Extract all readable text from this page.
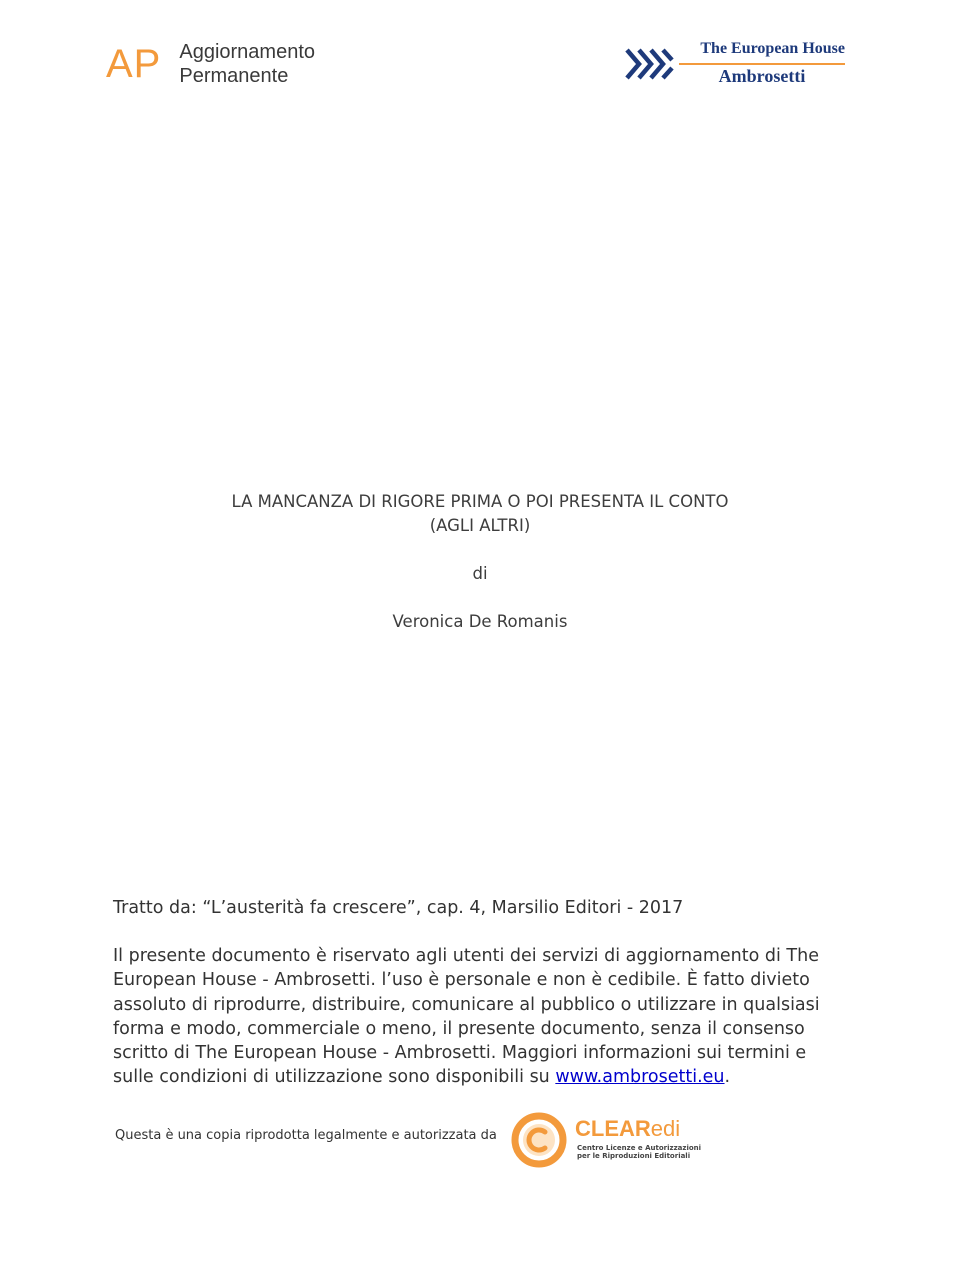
AP Aggiornamento
Permanente
The European House
Ambrosetti
LA MANCANZA DI RIGORE PRIMA O POI PRESENTA IL CONTO
(AGLI ALTRI)
di
Veronica De Romanis
Tratto da: “L’austerità fa crescere”, cap. 4, Marsilio Editori - 2017
Il presente documento è riservato agli utenti dei servizi di aggiornamento di The European House - Ambrosetti. l’uso è personale e non è cedibile. È fatto divieto assoluto di riprodurre, distribuire, comunicare al pubblico o utilizzare in qualsiasi forma e modo, commerciale o meno, il presente documento, senza il consenso scritto di The European House - Ambrosetti. Maggiori informazioni sui termini e sulle condizioni di utilizzazione sono disponibili su www.ambrosetti.eu.
Questa è una copia riprodotta legalmente e autorizzata da	CLEARedi
Centro Licenze e Autorizzazioni
per le Riproduzioni Editoriali
